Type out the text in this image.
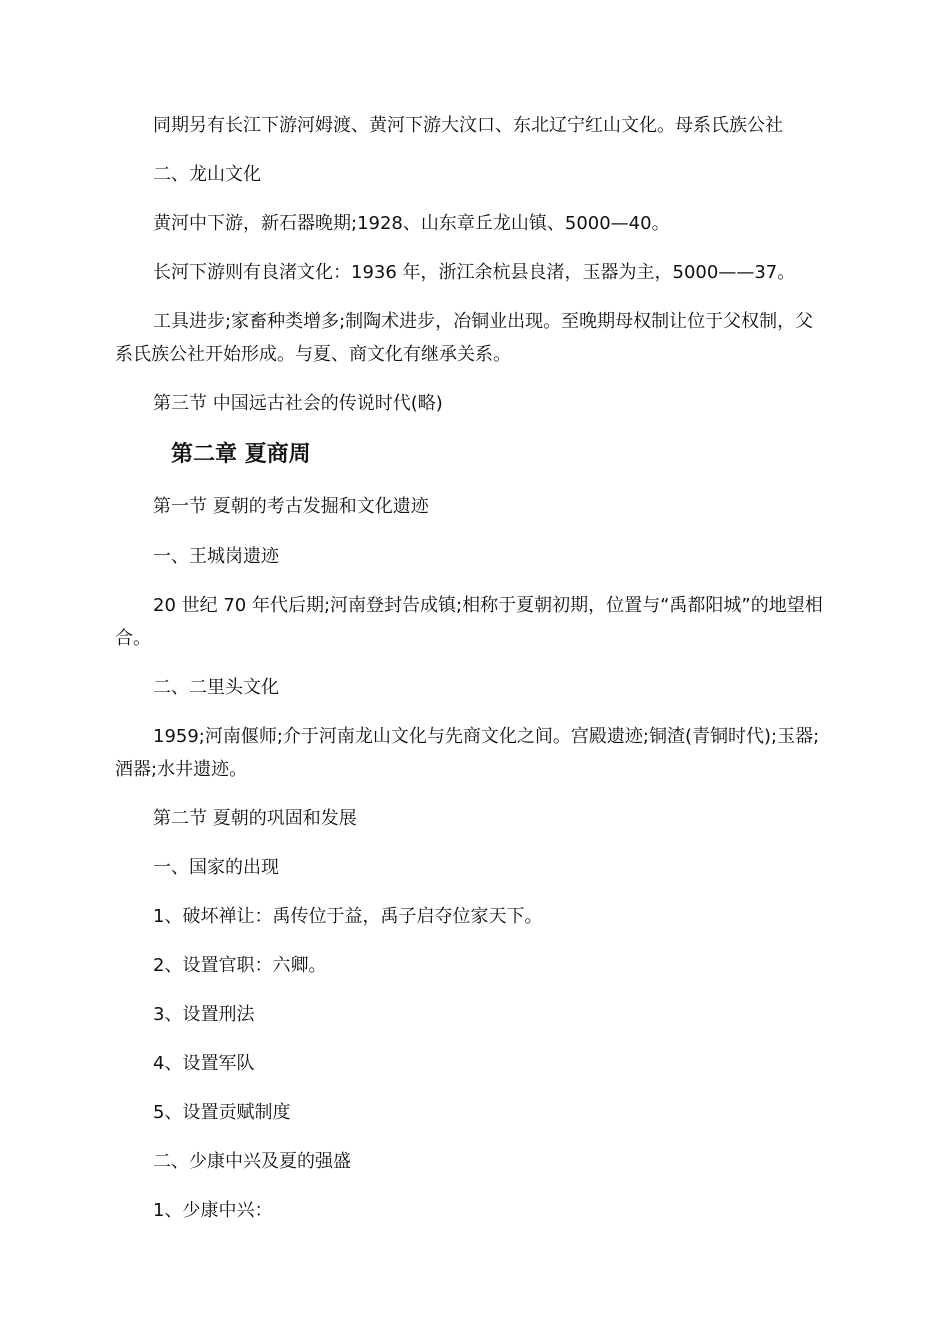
同期另有长江下游河姆渡、黄河下游大汶口、东北辽宁红山文化。母系氏族公社

二、龙山文化

黄河中下游，新石器晚期;1928、山东章丘龙山镇、5000—40。

长河下游则有良渚文化：1936 年，浙江余杭县良渚，玉器为主，5000——37。

工具进步;家畜种类增多;制陶术进步，冶铜业出现。至晚期母权制让位于父权制，父系氏族公社开始形成。与夏、商文化有继承关系。

第三节 中国远古社会的传说时代(略)

第二章 夏商周

第一节 夏朝的考古发掘和文化遗迹

一、王城岗遗迹

20 世纪 70 年代后期;河南登封告成镇;相称于夏朝初期，位置与“禹都阳城”的地望相合。

二、二里头文化

1959;河南偃师;介于河南龙山文化与先商文化之间。宫殿遗迹;铜渣(青铜时代);玉器;酒器;水井遗迹。

第二节 夏朝的巩固和发展

一、国家的出现

1、破坏禅让：禹传位于益，禹子启夺位家天下。

2、设置官职：六卿。

3、设置刑法

4、设置军队

5、设置贡赋制度

二、少康中兴及夏的强盛

1、少康中兴：
